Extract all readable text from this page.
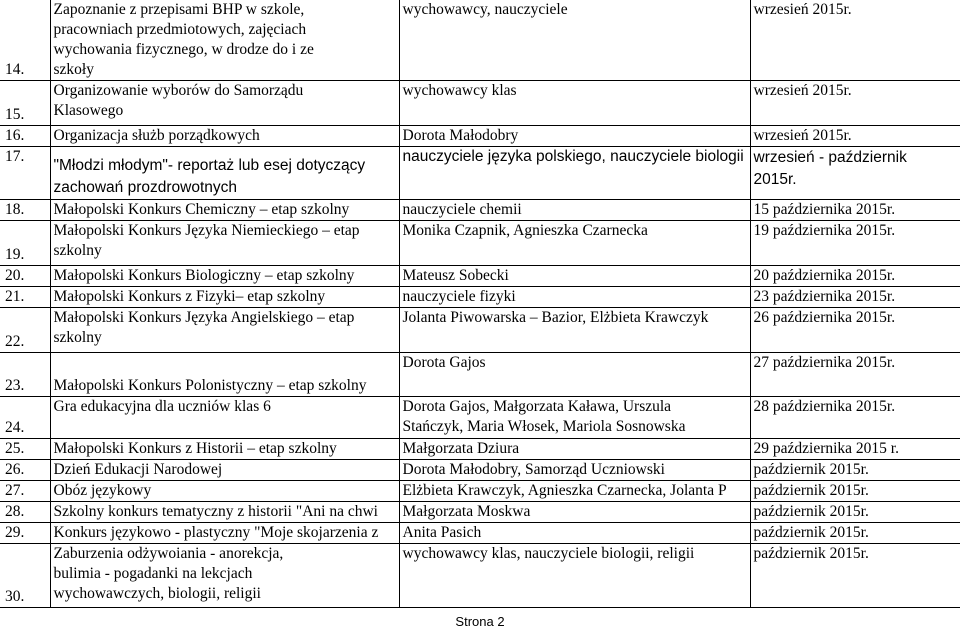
14.	Zapoznanie z przepisami BHP w szkole, pracowniach przedmiotowych, zajęciach wychowania fizycznego, w drodze do i ze szkoły	wychowawcy, nauczyciele	wrzesień 2015r.
15.	Organizowanie wyborów do Samorządu Klasowego	wychowawcy klas	wrzesień 2015r.
16.	Organizacja służb porządkowych	Dorota Małodobry	wrzesień 2015r.
17.	"Młodzi młodym"- reportaż lub esej dotyczący zachowań prozdrowotnych	nauczyciele języka polskiego, nauczyciele biologii	wrzesień - październik 2015r.
18.	Małopolski Konkurs Chemiczny – etap szkolny	nauczyciele chemii	15 października 2015r.
19.	Małopolski Konkurs Języka Niemieckiego – etap szkolny	Monika Czapnik, Agnieszka Czarnecka	19 października 2015r.
20.	Małopolski Konkurs Biologiczny – etap szkolny	Mateusz Sobecki	20 października 2015r.
21.	Małopolski Konkurs z Fizyki– etap szkolny	nauczyciele fizyki	23 października 2015r.
22.	Małopolski Konkurs Języka Angielskiego – etap szkolny	Jolanta Piwowarska – Bazior, Elżbieta Krawczyk	26 października 2015r.
23.	Małopolski Konkurs Polonistyczny – etap szkolny	Dorota Gajos	27 października 2015r.
24.	Gra edukacyjna dla uczniów klas 6	Dorota Gajos, Małgorzata Kaława, Urszula Stańczyk, Maria Włosek, Mariola Sosnowska	28 października 2015r.
25.	Małopolski Konkurs z Historii – etap szkolny	Małgorzata Dziura	29 października 2015 r.
26.	Dzień Edukacji Narodowej	Dorota Małodobry, Samorząd Uczniowski	październik 2015r.
27.	Obóz językowy	Elżbieta Krawczyk, Agnieszka Czarnecka, Jolanta P	październik 2015r.
28.	Szkolny konkurs tematyczny z historii "Ani na chwi	Małgorzata Moskwa	październik 2015r.
29.	Konkurs językowo - plastyczny "Moje skojarzenia z	Anita Pasich	październik 2015r.
30.	Zaburzenia odżywoiania - anorekcja, bulimia - pogadanki na lekcjach wychowawczych, biologii, religii	wychowawcy klas, nauczyciele biologii, religii	październik 2015r.
Strona 2
